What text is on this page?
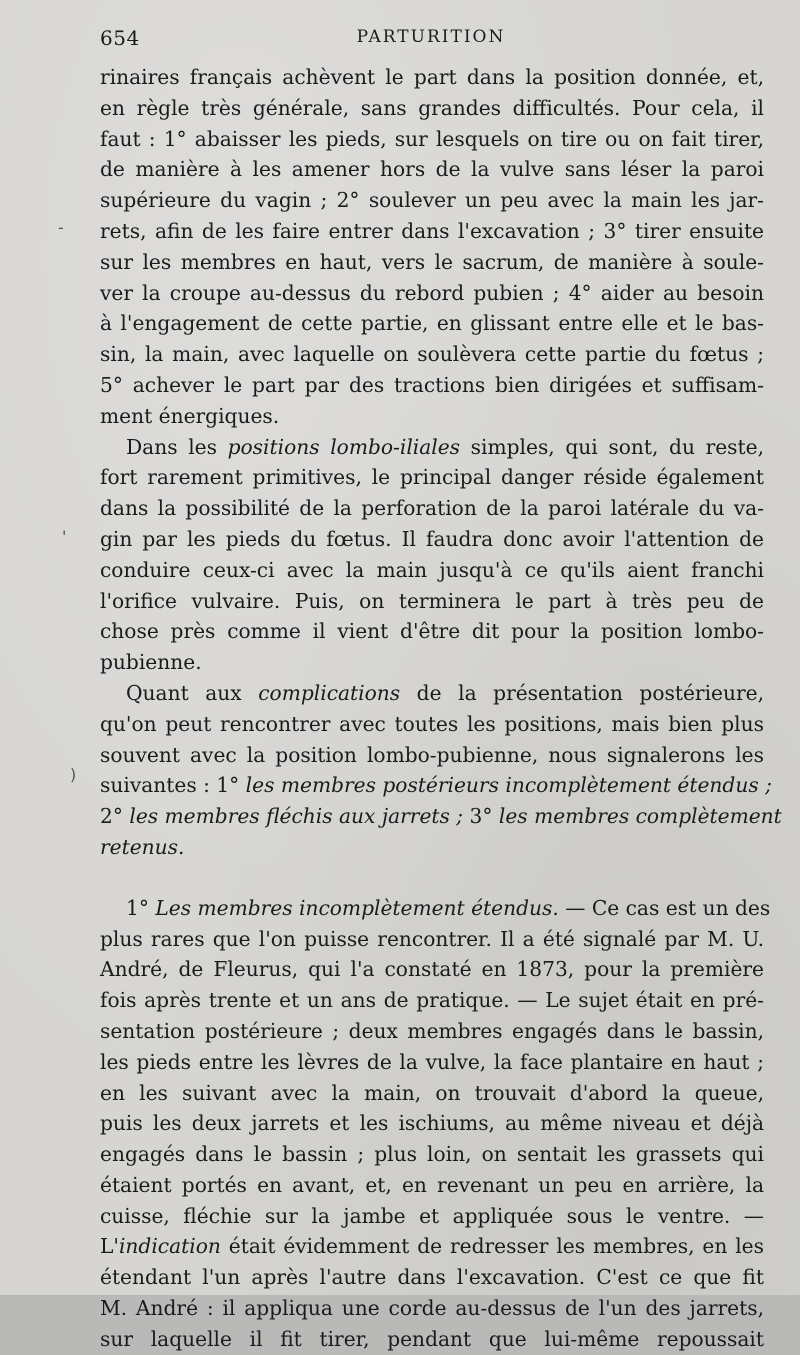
654	PARTURITION
-
'
)
rinaires français achèvent le part dans la position donnée, et,
en règle très générale, sans grandes difficultés. Pour cela, il
faut : 1° abaisser les pieds, sur lesquels on tire ou on fait tirer,
de manière à les amener hors de la vulve sans léser la paroi
supérieure du vagin ; 2° soulever un peu avec la main les jar-
rets, afin de les faire entrer dans l'excavation ; 3° tirer ensuite
sur les membres en haut, vers le sacrum, de manière à soule-
ver la croupe au-dessus du rebord pubien ; 4° aider au besoin
à l'engagement de cette partie, en glissant entre elle et le bas-
sin, la main, avec laquelle on soulèvera cette partie du fœtus ;
5° achever le part par des tractions bien dirigées et suffisam-
ment énergiques.
Dans les positions lombo-iliales simples, qui sont, du reste,
fort rarement primitives, le principal danger réside également
dans la possibilité de la perforation de la paroi latérale du va-
gin par les pieds du fœtus. Il faudra donc avoir l'attention de
conduire ceux-ci avec la main jusqu'à ce qu'ils aient franchi
l'orifice vulvaire. Puis, on terminera le part à très peu de
chose près comme il vient d'être dit pour la position lombo-
pubienne.
Quant aux complications de la présentation postérieure,
qu'on peut rencontrer avec toutes les positions, mais bien plus
souvent avec la position lombo-pubienne, nous signalerons les
suivantes : 1° les membres postérieurs incomplètement étendus ;
2° les membres fléchis aux jarrets ; 3° les membres complètement
retenus.
1° Les membres incomplètement étendus. — Ce cas est un des
plus rares que l'on puisse rencontrer. Il a été signalé par M. U.
André, de Fleurus, qui l'a constaté en 1873, pour la première
fois après trente et un ans de pratique. — Le sujet était en pré-
sentation postérieure ; deux membres engagés dans le bassin,
les pieds entre les lèvres de la vulve, la face plantaire en haut ;
en les suivant avec la main, on trouvait d'abord la queue,
puis les deux jarrets et les ischiums, au même niveau et déjà
engagés dans le bassin ; plus loin, on sentait les grassets qui
étaient portés en avant, et, en revenant un peu en arrière, la
cuisse, fléchie sur la jambe et appliquée sous le ventre. —
L'indication était évidemment de redresser les membres, en les
étendant l'un après l'autre dans l'excavation. C'est ce que fit
M. André : il appliqua une corde au-dessus de l'un des jarrets,
sur laquelle il fit tirer, pendant que lui-même repoussait
